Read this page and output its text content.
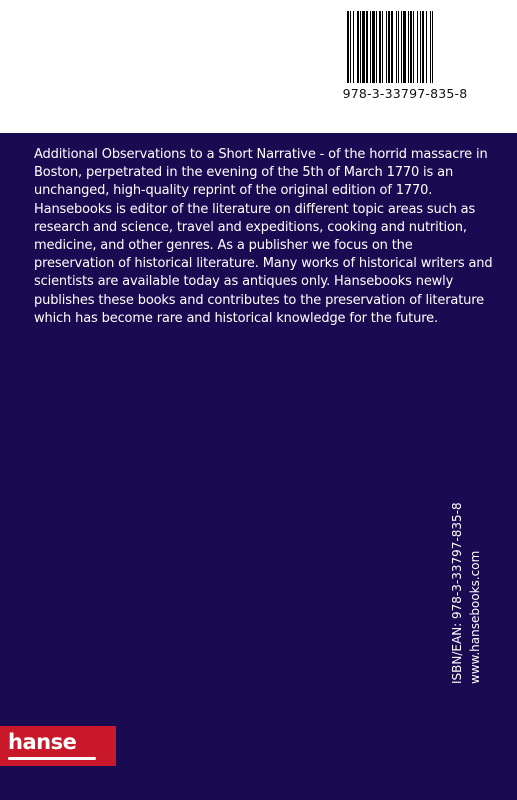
978-3-33797-835-8

Additional Observations to a Short Narrative - of the horrid massacre in Boston, perpetrated in the evening of the 5th of March 1770 is an unchanged, high-quality reprint of the original edition of 1770. Hansebooks is editor of the literature on different topic areas such as research and science, travel and expeditions, cooking and nutrition, medicine, and other genres. As a publisher we focus on the preservation of historical literature. Many works of historical writers and scientists are available today as antiques only. Hansebooks newly publishes these books and contributes to the preservation of literature which has become rare and historical knowledge for the future.

ISBN/EAN: 978-3-33797-835-8 www.hansebooks.com
hanse
